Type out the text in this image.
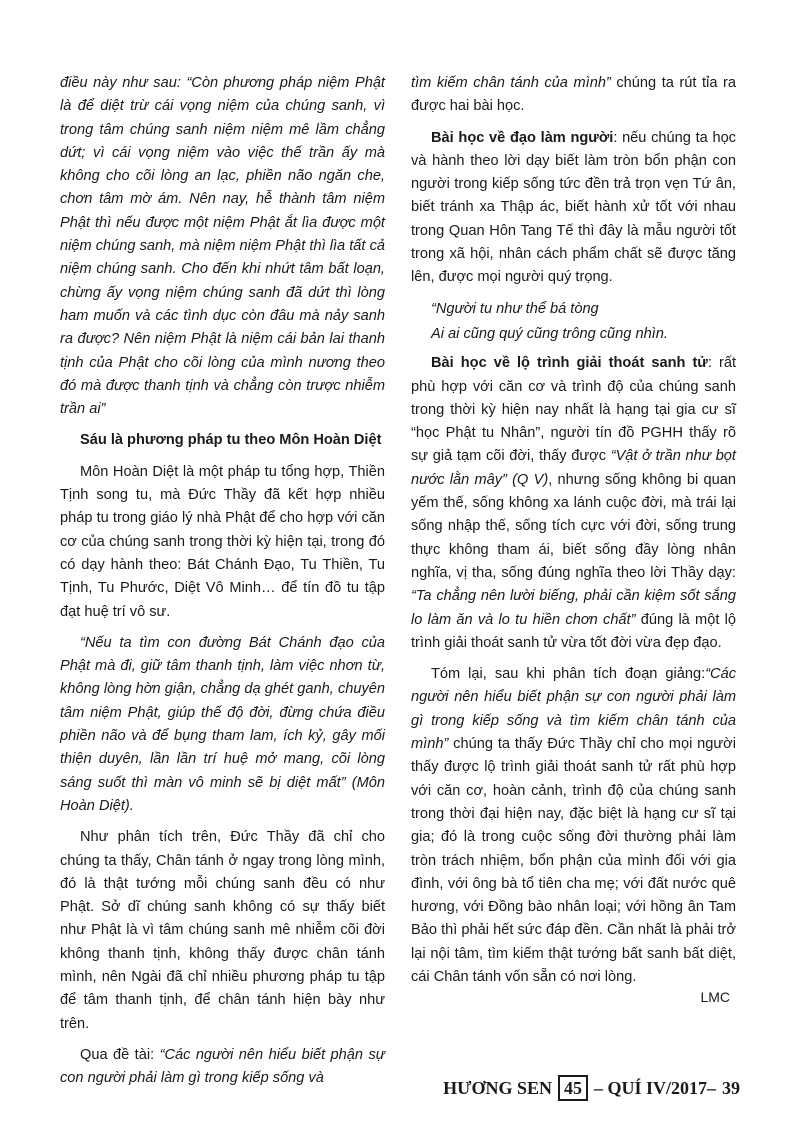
điều này như sau: “Còn phương pháp niệm Phật là để diệt trừ cái vọng niệm của chúng sanh, vì trong tâm chúng sanh niệm niệm mê lầm chẳng dứt; vì cái vọng niệm vào việc thế trần ấy mà không cho cõi lòng an lạc, phiền não ngăn che, chơn tâm mờ ám. Nên nay, hễ thành tâm niệm Phật thì nếu được một niệm Phật ắt lìa được một niệm chúng sanh, mà niệm niệm Phật thì lìa tất cả niệm chúng sanh. Cho đến khi nhứt tâm bất loạn, chừng ấy vọng niệm chúng sanh đã dứt thì lòng ham muốn và các tình dục còn đâu mà nảy sanh ra được? Nên niệm Phật là niệm cái bản lai thanh tịnh của Phật cho cõi lòng của mình nương theo đó mà được thanh tịnh và chẳng còn trược nhiễm trần ai”

Sáu là phương pháp tu theo Môn Hoàn Diệt

Môn Hoàn Diệt là một pháp tu tổng hợp, Thiền Tịnh song tu, mà Đức Thầy đã kết hợp nhiều pháp tu trong giáo lý nhà Phật để cho hợp với căn cơ của chúng sanh trong thời kỳ hiện tại, trong đó có dạy hành theo: Bát Chánh Đạo, Tu Thiền, Tu Tịnh, Tu Phước, Diệt Vô Minh… để tín đồ tu tập đạt huệ trí vô sư.

“Nếu ta tìm con đường Bát Chánh đạo của Phật mà đi, giữ tâm thanh tịnh, làm việc nhơn từ, không lòng hờn giận, chẳng dạ ghét ganh, chuyên tâm niệm Phật, giúp thế độ đời, đừng chứa điều phiền não và để bụng tham lam, ích kỷ, gây mối thiện duyên, lần lần trí huệ mở mang, cõi lòng sáng suốt thì màn vô minh sẽ bị diệt mất” (Môn Hoàn Diệt).

Như phân tích trên, Đức Thầy đã chỉ cho chúng ta thấy, Chân tánh ở ngay trong lòng mình, đó là thật tướng mỗi chúng sanh đều có như Phật. Sở dĩ chúng sanh không có sự thấy biết như Phật là vì tâm chúng sanh mê nhiễm cõi đời không thanh tịnh, không thấy được chân tánh mình, nên Ngài đã chỉ nhiều phương pháp tu tập để tâm thanh tịnh, để chân tánh hiện bày như trên.

Qua đề tài: “Các người nên hiểu biết phận sự con người phải làm gì trong kiếp sống và

tìm kiếm chân tánh của mình” chúng ta rút tỉa ra được hai bài học.

Bài học về đạo làm người: nếu chúng ta học và hành theo lời dạy biết làm tròn bổn phận con người trong kiếp sống tức đền trả trọn vẹn Tứ ân, biết tránh xa Thập ác, biết hành xử tốt với nhau trong Quan Hôn Tang Tế thì đây là mẫu người tốt trong xã hội, nhân cách phẩm chất sẽ được tăng lên, được mọi người quý trọng.

“Người tu như thể bá tòng

Ai ai cũng quý cũng trông cũng nhìn.

Bài học về lộ trình giải thoát sanh tử: rất phù hợp với căn cơ và trình độ của chúng sanh trong thời kỳ hiện nay nhất là hạng tại gia cư sĩ “học Phật tu Nhân”, người tín đồ PGHH thấy rõ sự giả tạm cõi đời, thấy được “Vật ở trần như bọt nước lằn mây” (Q V), nhưng sống không bi quan yếm thế, sống không xa lánh cuộc đời, mà trái lại sống nhập thế, sống tích cực với đời, sống trung thực không tham ái, biết sống đầy lòng nhân nghĩa, vị tha, sống đúng nghĩa theo lời Thầy dạy: “Ta chẳng nên lười biếng, phải cần kiệm sốt sắng lo làm ăn và lo tu hiền chơn chất” đúng là một lộ trình giải thoát sanh tử vừa tốt đời vừa đẹp đạo.

Tóm lại, sau khi phân tích đoạn giảng:“Các người nên hiểu biết phận sự con người phải làm gì trong kiếp sống và tìm kiếm chân tánh của mình” chúng ta thấy Đức Thầy chỉ cho mọi người thấy được lộ trình giải thoát sanh tử rất phù hợp với căn cơ, hoàn cảnh, trình độ của chúng sanh trong thời đại hiện nay, đặc biệt là hạng cư sĩ tại gia; đó là trong cuộc sống đời thường phải làm tròn trách nhiệm, bổn phận của mình đối với gia đình, với ông bà tổ tiên cha mẹ; với đất nước quê hương, với Đồng bào nhân loại; với hồng ân Tam Bảo thì phải hết sức đáp đền. Cần nhất là phải trở lại nội tâm, tìm kiếm thật tướng bất sanh bất diệt, cái Chân tánh vốn sẵn có nơi lòng.

LMC
HƯƠNG SEN 45 – QUÍ IV/2017– 39
